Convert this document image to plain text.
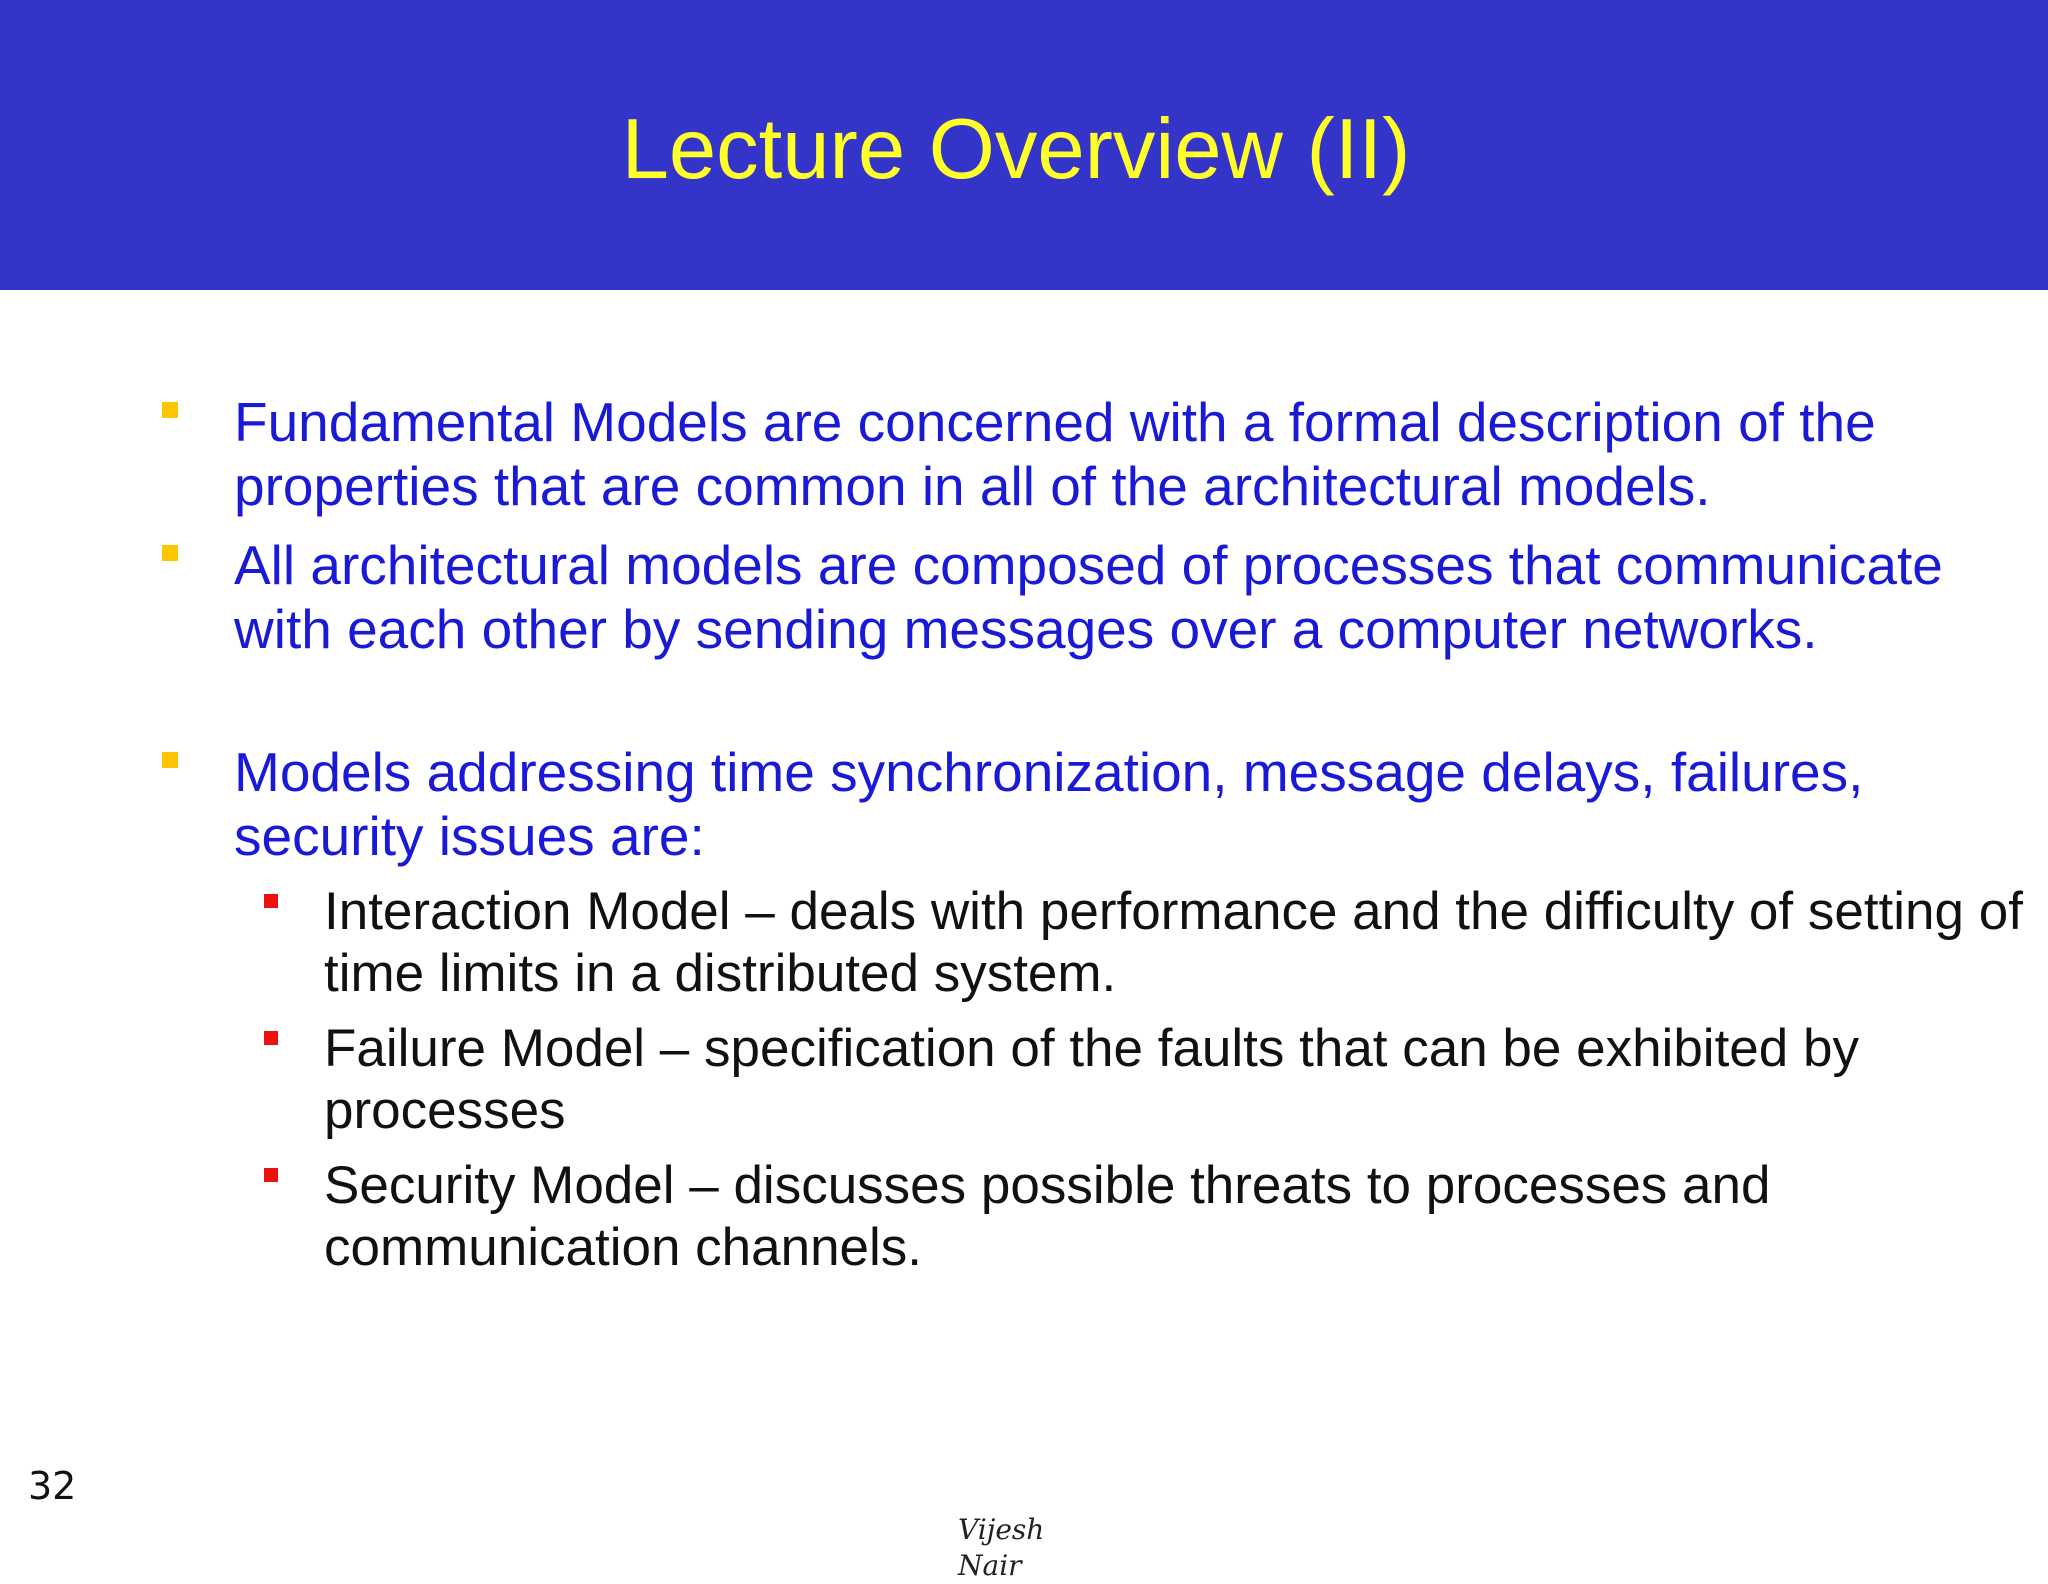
Lecture Overview (II)

Fundamental Models are concerned with a formal description of the properties that are common in all of the architectural models.

All architectural models are composed of processes that communicate with each other by sending messages over a computer networks.

Models addressing time synchronization, message delays, failures, security issues are:

Interaction Model – deals with performance and the difficulty of setting of time limits in a distributed system.

Failure Model – specification of the faults that can be exhibited by processes

Security Model – discusses possible threats to processes and communication channels.

32
Vijesh Nair
